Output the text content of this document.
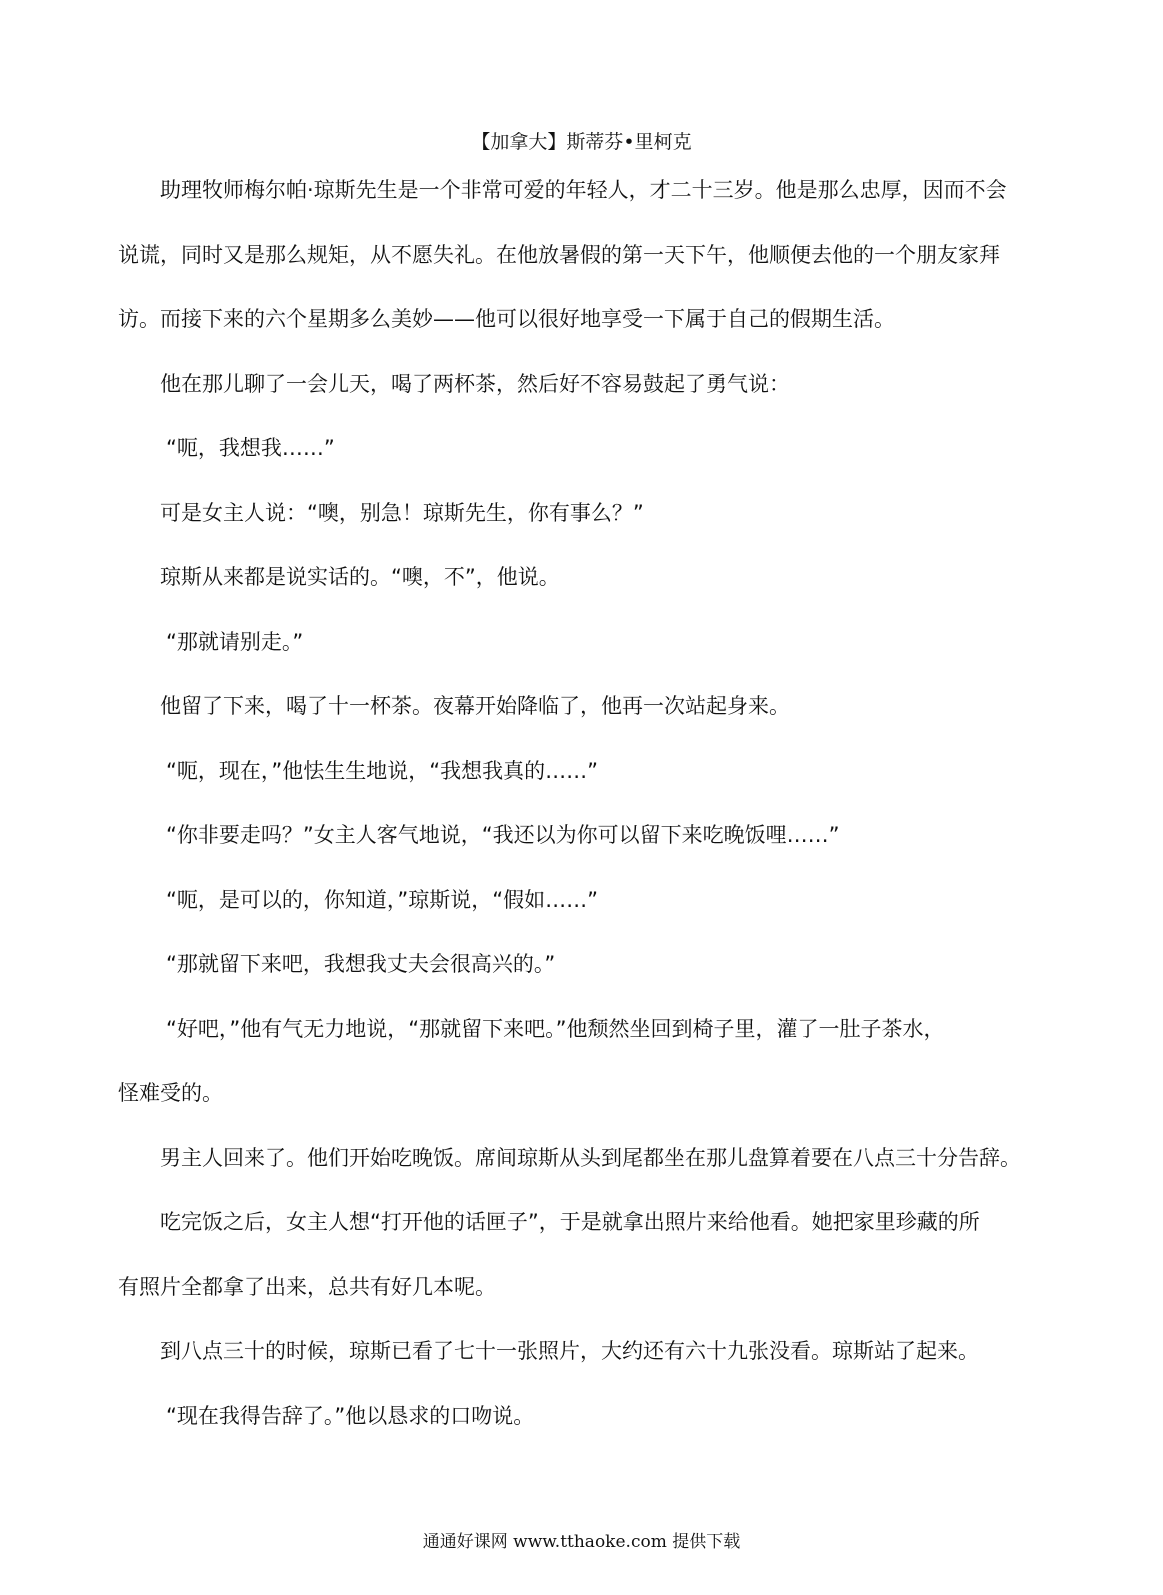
【加拿大】斯蒂芬•里柯克
助理牧师梅尔帕·琼斯先生是一个非常可爱的年轻人，才二十三岁。他是那么忠厚，因而不会
说谎，同时又是那么规矩，从不愿失礼。在他放暑假的第一天下午，他顺便去他的一个朋友家拜
访。而接下来的六个星期多么美妙——他可以很好地享受一下属于自己的假期生活。
他在那儿聊了一会儿天，喝了两杯茶，然后好不容易鼓起了勇气说：
“呃，我想我……”
可是女主人说：“噢，别急！琼斯先生，你有事么？”
琼斯从来都是说实话的。“噢，不”，他说。
“那就请别走。”
他留了下来，喝了十一杯茶。夜幕开始降临了，他再一次站起身来。
“呃，现在，”他怯生生地说，“我想我真的……”
“你非要走吗？”女主人客气地说，“我还以为你可以留下来吃晚饭哩……”
“呃，是可以的，你知道，”琼斯说，“假如……”
“那就留下来吧，我想我丈夫会很高兴的。”
“好吧，”他有气无力地说，“那就留下来吧。”他颓然坐回到椅子里，灌了一肚子茶水，
怪难受的。
男主人回来了。他们开始吃晚饭。席间琼斯从头到尾都坐在那儿盘算着要在八点三十分告辞。
吃完饭之后，女主人想“打开他的话匣子”，于是就拿出照片来给他看。她把家里珍藏的所
有照片全都拿了出来，总共有好几本呢。
到八点三十的时候，琼斯已看了七十一张照片，大约还有六十九张没看。琼斯站了起来。
“现在我得告辞了。”他以恳求的口吻说。
通通好课网 www.tthaoke.com 提供下载
